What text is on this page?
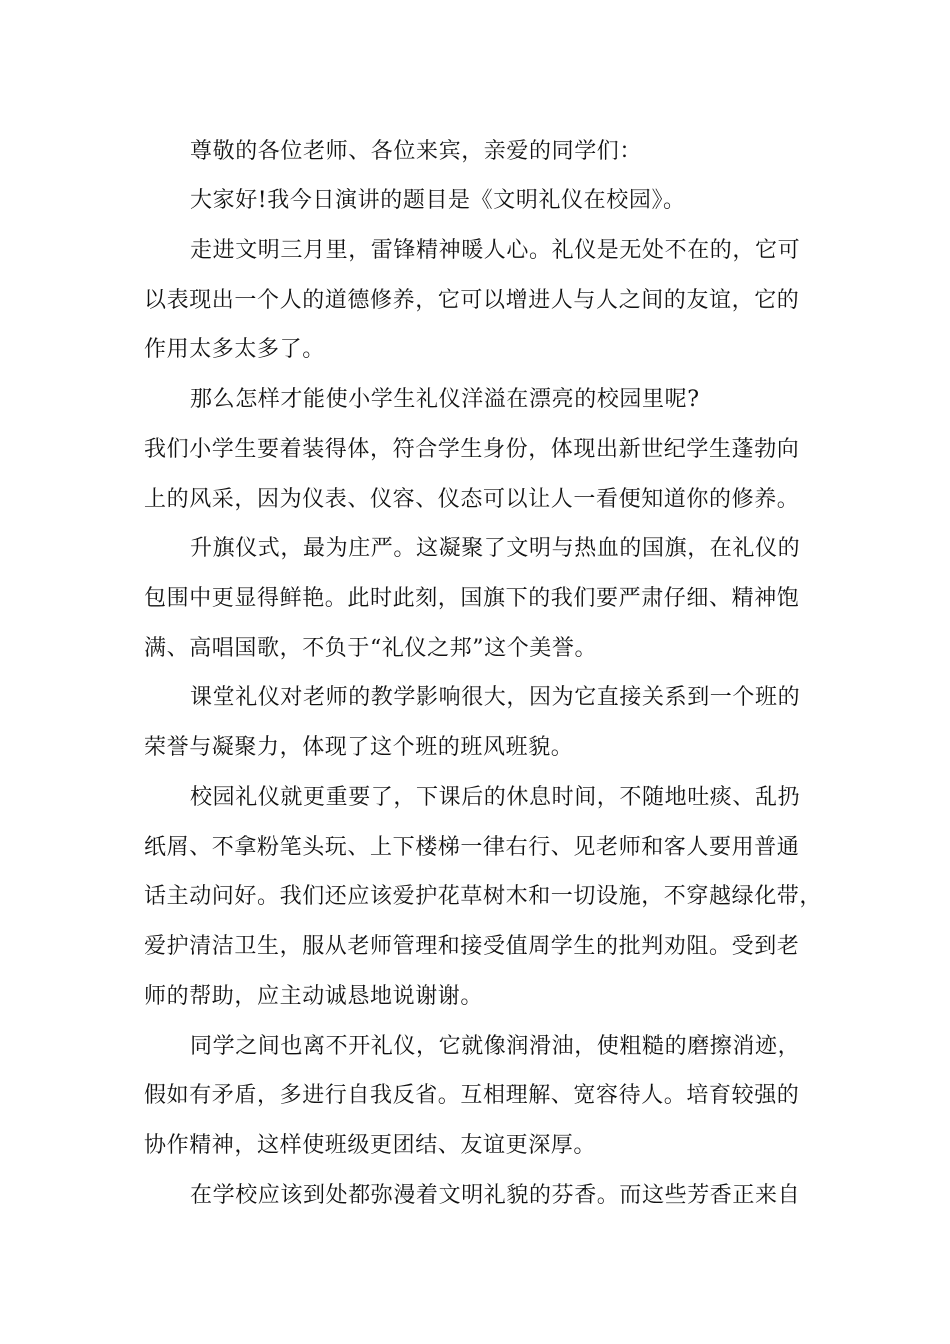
尊敬的各位老师、各位来宾，亲爱的同学们：
大家好!我今日演讲的题目是《文明礼仪在校园》。
走进文明三月里，雷锋精神暖人心。礼仪是无处不在的，它可
以表现出一个人的道德修养，它可以增进人与人之间的友谊，它的
作用太多太多了。
那么怎样才能使小学生礼仪洋溢在漂亮的校园里呢?
我们小学生要着装得体，符合学生身份，体现出新世纪学生蓬勃向
上的风采，因为仪表、仪容、仪态可以让人一看便知道你的修养。
升旗仪式，最为庄严。这凝聚了文明与热血的国旗，在礼仪的
包围中更显得鲜艳。此时此刻，国旗下的我们要严肃仔细、精神饱
满、高唱国歌，不负于“礼仪之邦”这个美誉。
课堂礼仪对老师的教学影响很大，因为它直接关系到一个班的
荣誉与凝聚力，体现了这个班的班风班貌。
校园礼仪就更重要了，下课后的休息时间，不随地吐痰、乱扔
纸屑、不拿粉笔头玩、上下楼梯一律右行、见老师和客人要用普通
话主动问好。我们还应该爱护花草树木和一切设施，不穿越绿化带，
爱护清洁卫生，服从老师管理和接受值周学生的批判劝阻。受到老
师的帮助，应主动诚恳地说谢谢。
同学之间也离不开礼仪，它就像润滑油，使粗糙的磨擦消迹，
假如有矛盾，多进行自我反省。互相理解、宽容待人。培育较强的
协作精神，这样使班级更团结、友谊更深厚。
在学校应该到处都弥漫着文明礼貌的芬香。而这些芳香正来自
